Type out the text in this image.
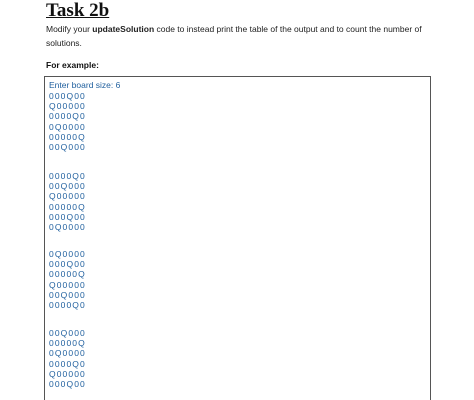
Task 2b
Modify your updateSolution code to instead print the table of the output and to count the number of solutions.
For example:
Enter board size: 6
000Q00
Q00000
0000Q0
0Q0000
00000Q
00Q000
0000Q0
00Q000
Q00000
00000Q
000Q00
0Q0000
0Q0000
000Q00
00000Q
Q00000
00Q000
0000Q0
00Q000
00000Q
0Q0000
0000Q0
Q00000
000Q00
